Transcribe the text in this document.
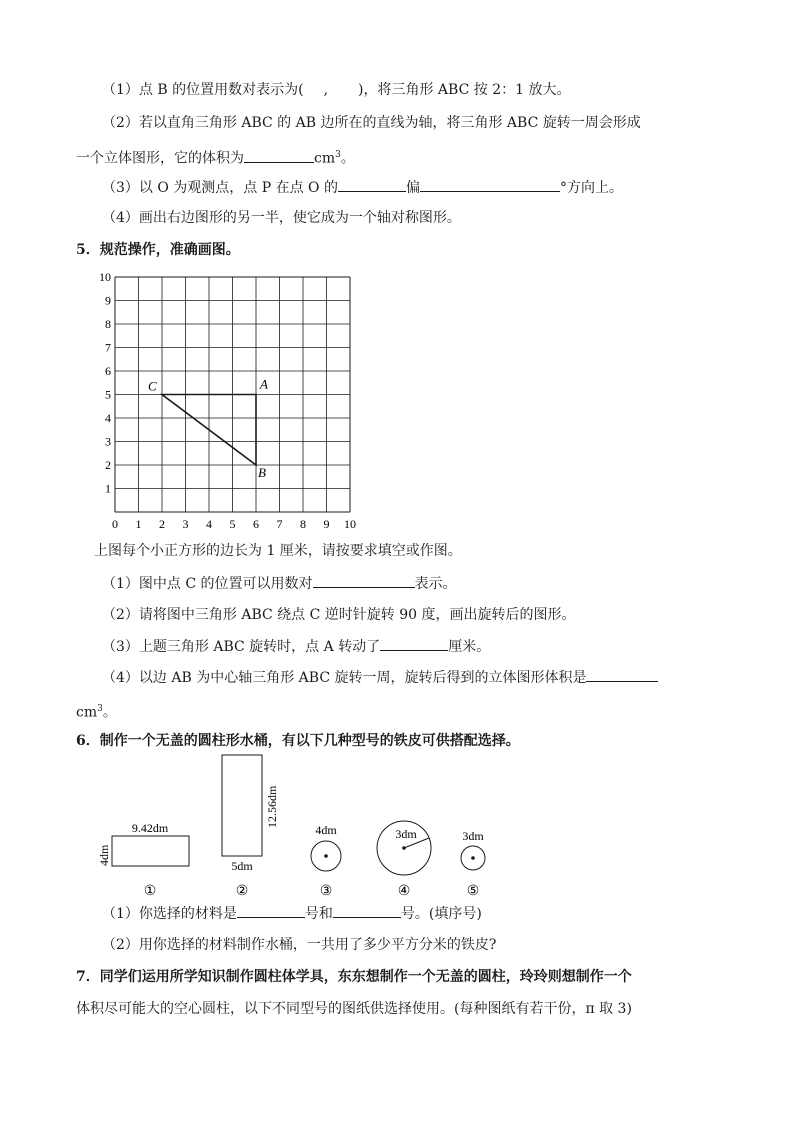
（1）点 B 的位置用数对表示为( , )，将三角形 ABC 按 2：1 放大。
（2）若以直角三角形 ABC 的 AB 边所在的直线为轴，将三角形 ABC 旋转一周会形成
一个立体图形，它的体积为	$cm^3$。
（3）以 O 为观测点，点 P 在点 O 的	偏	°方向上。
（4）画出右边图形的另一半，使它成为一个轴对称图形。
5．规范操作，准确画图。
10
9
8
7
6
5
4
3
2
1
0 1 2 3 4 5 6 7 8 9 10
C	A
B
上图每个小正方形的边长为 1 厘米，请按要求填空或作图。
（1）图中点 C 的位置可以用数对	表示。
（2）请将图中三角形 ABC 绕点 C 逆时针旋转 90 度，画出旋转后的图形。
（3）上题三角形 ABC 旋转时，点 A 转动了	厘米。
（4）以边 AB 为中心轴三角形 ABC 旋转一周，旋转后得到的立体图形体积是
$cm^3$。
6．制作一个无盖的圆柱形水桶，有以下几种型号的铁皮可供搭配选择。
9.42dm
4dm
①
12.56dm
5dm
②
4dm
③
3dm
④
3dm
⑤
（1）你选择的材料是	号和	号。(填序号)
（2）用你选择的材料制作水桶，一共用了多少平方分米的铁皮?
7．同学们运用所学知识制作圆柱体学具，东东想制作一个无盖的圆柱，玲玲则想制作一个
体积尽可能大的空心圆柱，以下不同型号的图纸供选择使用。(每种图纸有若干份，π 取 3)
